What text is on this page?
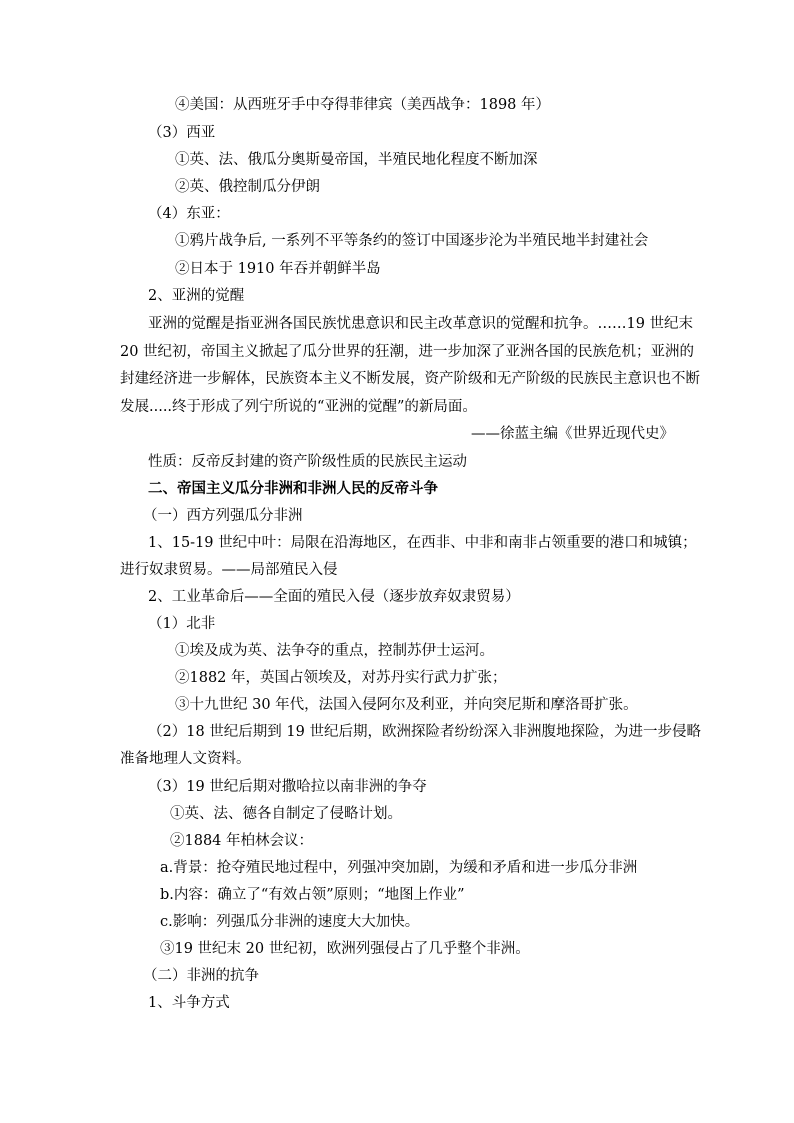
④美国：从西班牙手中夺得菲律宾（美西战争：1898 年）
（3）西亚
①英、法、俄瓜分奥斯曼帝国，半殖民地化程度不断加深
②英、俄控制瓜分伊朗
（4）东亚：
①鸦片战争后, 一系列不平等条约的签订中国逐步沦为半殖民地半封建社会
②日本于 1910 年吞并朝鲜半岛
2、亚洲的觉醒
亚洲的觉醒是指亚洲各国民族忧患意识和民主改革意识的觉醒和抗争。……19 世纪末
20 世纪初，帝国主义掀起了瓜分世界的狂潮，进一步加深了亚洲各国的民族危机；亚洲的
封建经济进一步解体，民族资本主义不断发展，资产阶级和无产阶级的民族民主意识也不断
发展.....终于形成了列宁所说的“亚洲的觉醒”的新局面。
——徐蓝主编《世界近现代史》
性质：反帝反封建的资产阶级性质的民族民主运动
二、帝国主义瓜分非洲和非洲人民的反帝斗争
（一）西方列强瓜分非洲
1、15-19 世纪中叶：局限在沿海地区，在西非、中非和南非占领重要的港口和城镇；
进行奴隶贸易。——局部殖民入侵
2、工业革命后——全面的殖民入侵（逐步放弃奴隶贸易）
（1）北非
①埃及成为英、法争夺的重点，控制苏伊士运河。
②1882 年，英国占领埃及，对苏丹实行武力扩张；
③十九世纪 30 年代，法国入侵阿尔及利亚，并向突尼斯和摩洛哥扩张。
（2）18 世纪后期到 19 世纪后期，欧洲探险者纷纷深入非洲腹地探险，为进一步侵略
准备地理人文资料。
（3）19 世纪后期对撒哈拉以南非洲的争夺
①英、法、德各自制定了侵略计划。
②1884 年柏林会议：
a.背景：抢夺殖民地过程中，列强冲突加剧，为缓和矛盾和进一步瓜分非洲
b.内容：确立了“有效占领”原则；“地图上作业”
c.影响：列强瓜分非洲的速度大大加快。
③19 世纪末 20 世纪初，欧洲列强侵占了几乎整个非洲。
（二）非洲的抗争
1、斗争方式
